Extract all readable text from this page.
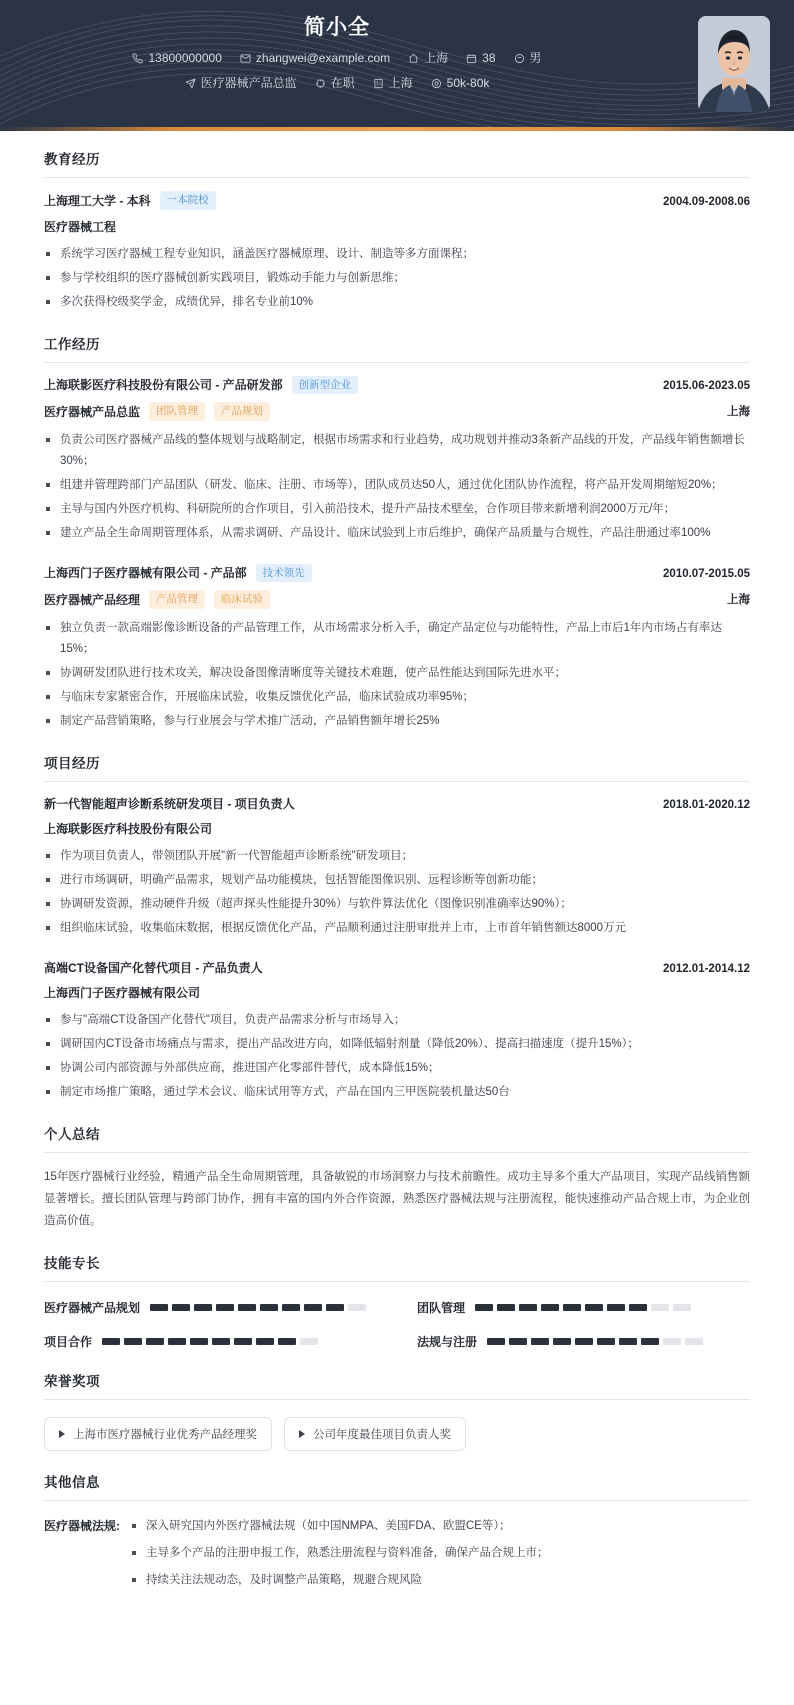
简小全
13800000000	zhangwei@example.com	上海	38	男
医疗器械产品总监	在职	上海	50k-80k
教育经历
上海理工大学 - 本科	一本院校	2004.09-2008.06
医疗器械工程
系统学习医疗器械工程专业知识，涵盖医疗器械原理、设计、制造等多方面课程；
参与学校组织的医疗器械创新实践项目，锻炼动手能力与创新思维；
多次获得校级奖学金，成绩优异，排名专业前10%
工作经历
上海联影医疗科技股份有限公司 - 产品研发部	创新型企业	2015.06-2023.05
医疗器械产品总监	团队管理	产品规划	上海
负责公司医疗器械产品线的整体规划与战略制定，根据市场需求和行业趋势，成功规划并推动3条新产品线的开发，产品线年销售额增长30%；
组建并管理跨部门产品团队（研发、临床、注册、市场等），团队成员达50人，通过优化团队协作流程，将产品开发周期缩短20%；
主导与国内外医疗机构、科研院所的合作项目，引入前沿技术，提升产品技术壁垒，合作项目带来新增利润2000万元/年；
建立产品全生命周期管理体系，从需求调研、产品设计、临床试验到上市后维护，确保产品质量与合规性，产品注册通过率100%
上海西门子医疗器械有限公司 - 产品部	技术领先	2010.07-2015.05
医疗器械产品经理	产品管理	临床试验	上海
独立负责一款高端影像诊断设备的产品管理工作，从市场需求分析入手，确定产品定位与功能特性，产品上市后1年内市场占有率达15%；
协调研发团队进行技术攻关，解决设备图像清晰度等关键技术难题，使产品性能达到国际先进水平；
与临床专家紧密合作，开展临床试验，收集反馈优化产品，临床试验成功率95%；
制定产品营销策略，参与行业展会与学术推广活动，产品销售额年增长25%
项目经历
新一代智能超声诊断系统研发项目 - 项目负责人	2018.01-2020.12
上海联影医疗科技股份有限公司
作为项目负责人，带领团队开展"新一代智能超声诊断系统"研发项目；
进行市场调研，明确产品需求，规划产品功能模块，包括智能图像识别、远程诊断等创新功能；
协调研发资源，推动硬件升级（超声探头性能提升30%）与软件算法优化（图像识别准确率达90%）；
组织临床试验，收集临床数据，根据反馈优化产品，产品顺利通过注册审批并上市，上市首年销售额达8000万元
高端CT设备国产化替代项目 - 产品负责人	2012.01-2014.12
上海西门子医疗器械有限公司
参与"高端CT设备国产化替代"项目，负责产品需求分析与市场导入；
调研国内CT设备市场痛点与需求，提出产品改进方向，如降低辐射剂量（降低20%）、提高扫描速度（提升15%）；
协调公司内部资源与外部供应商，推进国产化零部件替代，成本降低15%；
制定市场推广策略，通过学术会议、临床试用等方式，产品在国内三甲医院装机量达50台
个人总结
15年医疗器械行业经验，精通产品全生命周期管理，具备敏锐的市场洞察力与技术前瞻性。成功主导多个重大产品项目，实现产品线销售额显著增长。擅长团队管理与跨部门协作，拥有丰富的国内外合作资源，熟悉医疗器械法规与注册流程，能快速推动产品合规上市，为企业创造高价值。
技能专长
医疗器械产品规划	团队管理
项目合作	法规与注册
荣誉奖项
上海市医疗器械行业优秀产品经理奖	公司年度最佳项目负责人奖
其他信息
医疗器械法规:	深入研究国内外医疗器械法规（如中国NMPA、美国FDA、欧盟CE等）；
主导多个产品的注册申报工作，熟悉注册流程与资料准备，确保产品合规上市；
持续关注法规动态，及时调整产品策略，规避合规风险
